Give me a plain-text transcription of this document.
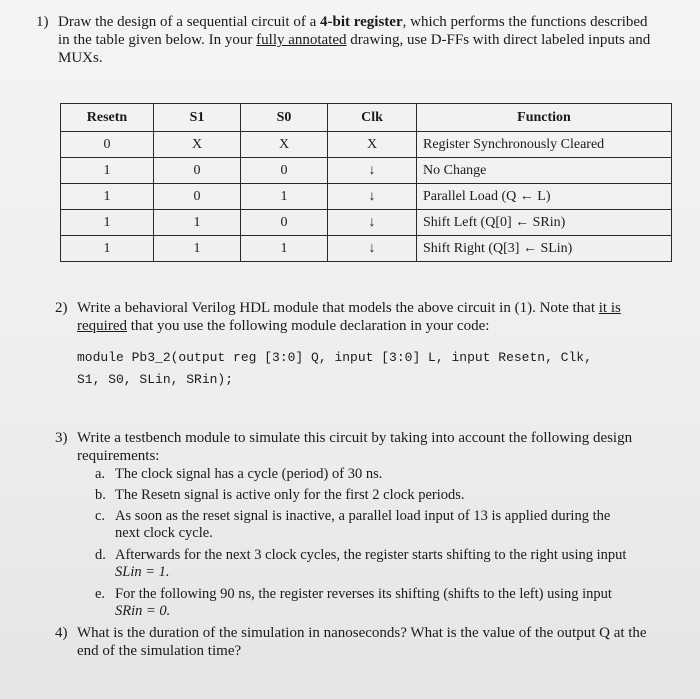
1) Draw the design of a sequential circuit of a 4-bit register, which performs the functions described
in the table given below. In your fully annotated drawing, use D-FFs with direct labeled inputs and
MUXs.
Resetn	S1	S0	Clk	Function
0	X	X	X	Register Synchronously Cleared
1	0	0	↓	No Change
1	0	1	↓	Parallel Load (Q ← L)
1	1	0	↓	Shift Left (Q[0] ← SRin)
1	1	1	↓	Shift Right (Q[3] ← SLin)
2) Write a behavioral Verilog HDL module that models the above circuit in (1). Note that it is
required that you use the following module declaration in your code:
module Pb3_2(output reg [3:0] Q, input [3:0] L, input Resetn, Clk,
S1, S0, SLin, SRin);
3) Write a testbench module to simulate this circuit by taking into account the following design
requirements:
a. The clock signal has a cycle (period) of 30 ns.
b. The Resetn signal is active only for the first 2 clock periods.
c. As soon as the reset signal is inactive, a parallel load input of 13 is applied during the
next clock cycle.
d. Afterwards for the next 3 clock cycles, the register starts shifting to the right using input
SLin = 1.
e. For the following 90 ns, the register reverses its shifting (shifts to the left) using input
SRin = 0.
4) What is the duration of the simulation in nanoseconds? What is the value of the output Q at the
end of the simulation time?
